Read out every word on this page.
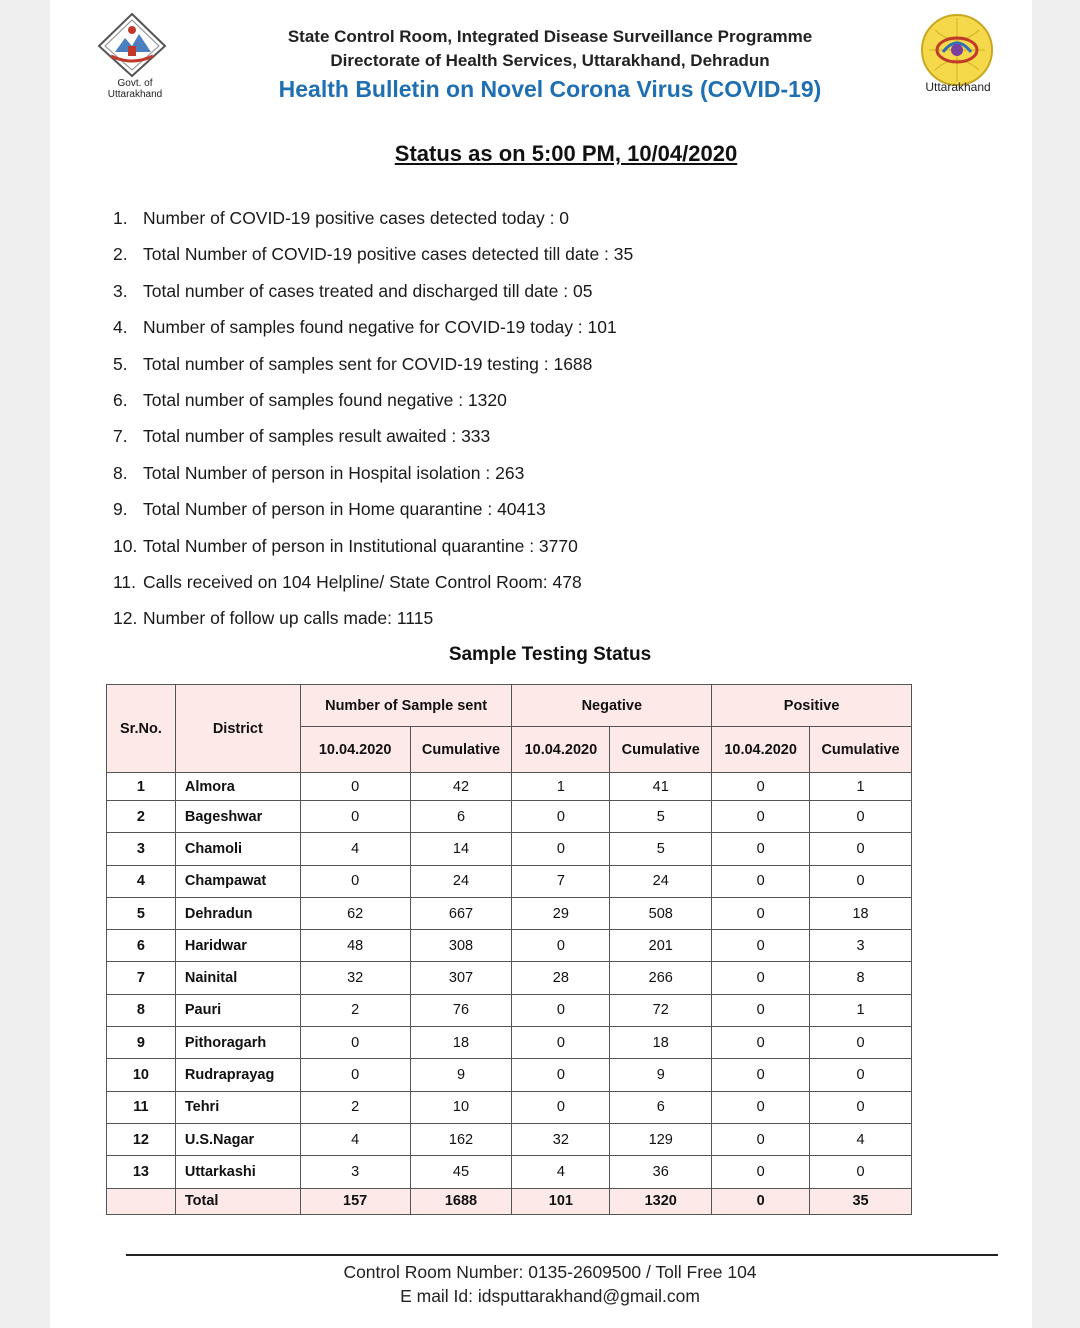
Govt. of Uttarakhand
Uttarakhand
State Control Room, Integrated Disease Surveillance Programme
Directorate of Health Services, Uttarakhand, Dehradun
Health Bulletin on Novel Corona Virus (COVID-19)
Status as on 5:00 PM, 10/04/2020
1. Number of COVID-19 positive cases detected today : 0
2. Total Number of COVID-19 positive cases detected till date : 35
3. Total number of cases treated and discharged till date : 05
4. Number of samples found negative for COVID-19 today : 101
5. Total number of samples sent for COVID-19 testing : 1688
6. Total number of samples found negative : 1320
7. Total number of samples result awaited : 333
8. Total Number of person in Hospital isolation : 263
9. Total Number of person in Home quarantine : 40413
10. Total Number of person in Institutional quarantine : 3770
11. Calls received on 104 Helpline/ State Control Room: 478
12. Number of follow up calls made: 1115
Sample Testing Status
Sr.No.	District	Number of Sample sent		Negative		Positive	
		10.04.2020	Cumulative	10.04.2020	Cumulative	10.04.2020	Cumulative
1	Almora	0	42	1	41	0	1
2	Bageshwar	0	6	0	5	0	0
3	Chamoli	4	14	0	5	0	0
4	Champawat	0	24	7	24	0	0
5	Dehradun	62	667	29	508	0	18
6	Haridwar	48	308	0	201	0	3
7	Nainital	32	307	28	266	0	8
8	Pauri	2	76	0	72	0	1
9	Pithoragarh	0	18	0	18	0	0
10	Rudraprayag	0	9	0	9	0	0
11	Tehri	2	10	0	6	0	0
12	U.S.Nagar	4	162	32	129	0	4
13	Uttarkashi	3	45	4	36	0	0
	Total	157	1688	101	1320	0	35
Control Room Number: 0135-2609500 / Toll Free 104
E mail Id: idsputtarakhand@gmail.com
